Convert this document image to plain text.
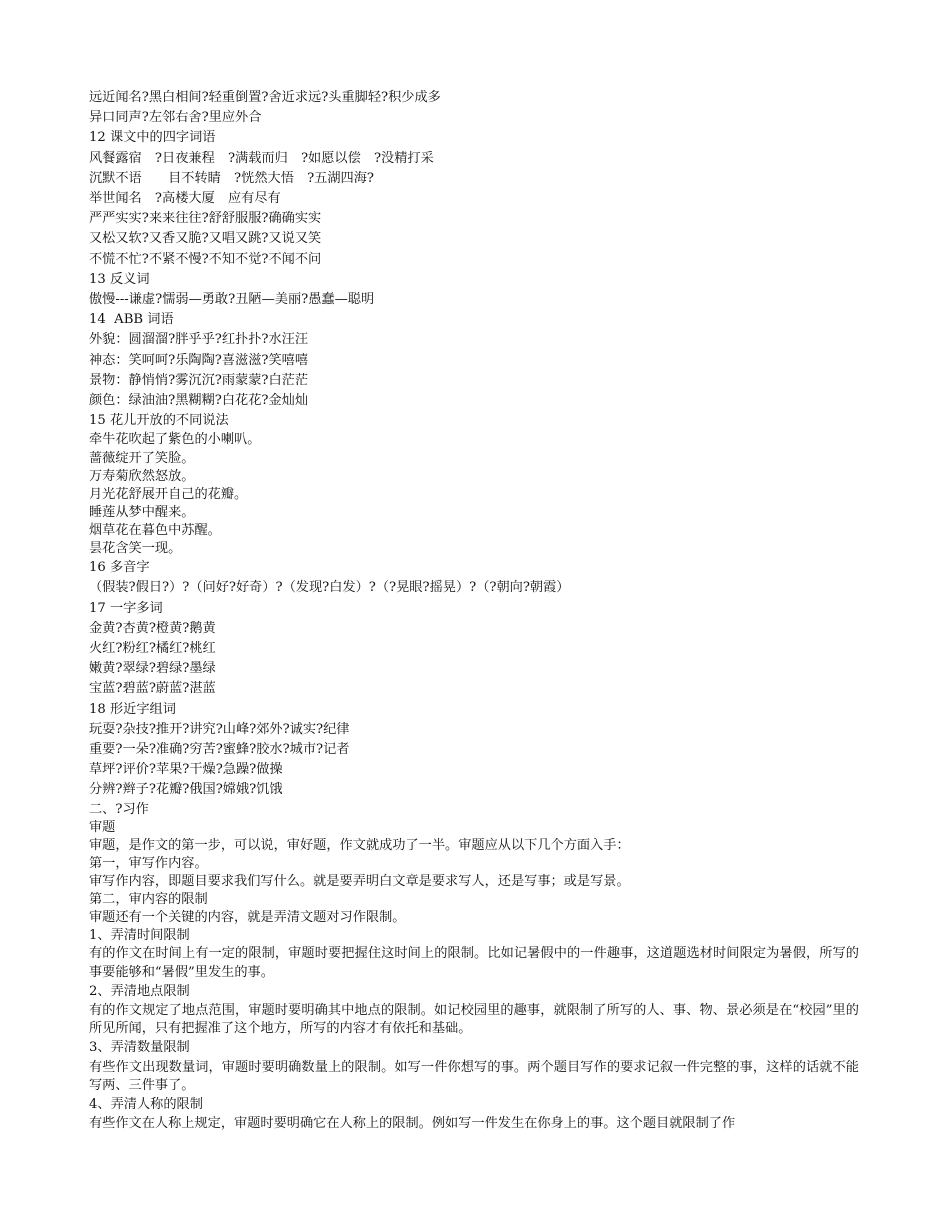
远近闻名?黑白相间?轻重倒置?舍近求远?头重脚轻?积少成多
异口同声?左邻右舍?里应外合
12 课文中的四字词语
风餐露宿　?日夜兼程　?满载而归　?如愿以偿　?没精打采
沉默不语　　目不转睛　?恍然大悟　?五湖四海?
举世闻名　?高楼大厦　应有尽有
严严实实?来来往往?舒舒服服?确确实实
又松又软?又香又脆?又唱又跳?又说又笑
不慌不忙?不紧不慢?不知不觉?不闻不问
13 反义词
傲慢---谦虚?懦弱—勇敢?丑陋—美丽?愚蠢—聪明
14  ABB 词语
外貌：圆溜溜?胖乎乎?红扑扑?水汪汪
神态：笑呵呵?乐陶陶?喜滋滋?笑嘻嘻
景物：静悄悄?雾沉沉?雨蒙蒙?白茫茫
颜色：绿油油?黑糊糊?白花花?金灿灿
15 花儿开放的不同说法
牵牛花吹起了紫色的小喇叭。
蔷薇绽开了笑脸。
万寿菊欣然怒放。
月光花舒展开自己的花瓣。
睡莲从梦中醒来。
烟草花在暮色中苏醒。
昙花含笑一现。
16 多音字
（假装?假日?）?（问好?好奇）?（发现?白发）?（?晃眼?摇晃）?（?朝向?朝霞）
17 一字多词
金黄?杏黄?橙黄?鹅黄
火红?粉红?橘红?桃红
嫩黄?翠绿?碧绿?墨绿
宝蓝?碧蓝?蔚蓝?湛蓝
18 形近字组词
玩耍?杂技?推开?讲究?山峰?郊外?诚实?纪律
重要?一朵?准确?穷苦?蜜蜂?胶水?城市?记者
草坪?评价?苹果?干燥?急躁?做操
分辨?辫子?花瓣?俄国?嫦娥?饥饿
二、?习作
审题
审题，是作文的第一步，可以说，审好题，作文就成功了一半。审题应从以下几个方面入手：
第一，审写作内容。
审写作内容，即题目要求我们写什么。就是要弄明白文章是要求写人，还是写事；或是写景。
第二，审内容的限制
审题还有一个关键的内容，就是弄清文题对习作限制。
1、弄清时间限制
有的作文在时间上有一定的限制，审题时要把握住这时间上的限制。比如记暑假中的一件趣事，这道题选材时间限定为暑假，所写的事要能够和“暑假”里发生的事。
2、弄清地点限制
有的作文规定了地点范围，审题时要明确其中地点的限制。如记校园里的趣事，就限制了所写的人、事、物、景必须是在“校园”里的所见所闻，只有把握准了这个地方，所写的内容才有依托和基础。
3、弄清数量限制
有些作文出现数量词，审题时要明确数量上的限制。如写一件你想写的事。两个题目写作的要求记叙一件完整的事，这样的话就不能写两、三件事了。
4、弄清人称的限制
有些作文在人称上规定，审题时要明确它在人称上的限制。例如写一件发生在你身上的事。这个题目就限制了作
